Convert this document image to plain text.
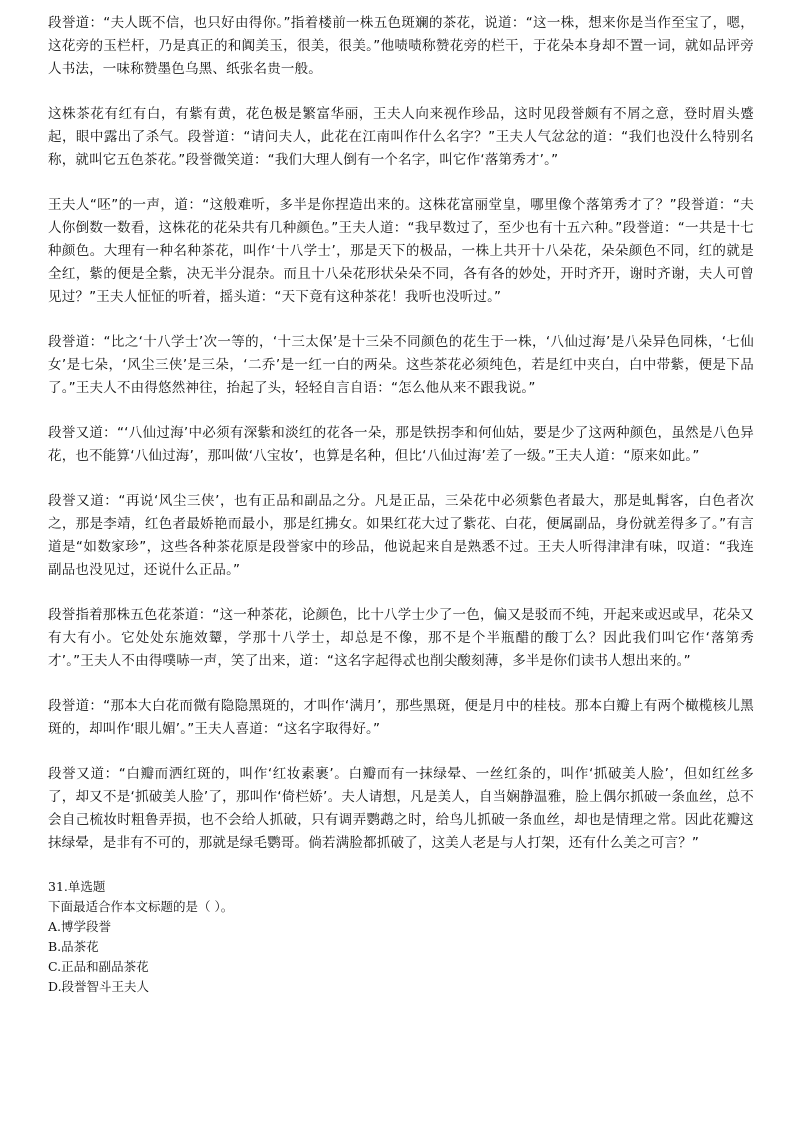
段誉道：“夫人既不信，也只好由得你。”指着楼前一株五色斑斓的茶花，说道：“这一株，想来你是当作至宝了，嗯，这花旁的玉栏杆，乃是真正的和阗美玉，很美，很美。”他啧啧称赞花旁的栏干，于花朵本身却不置一词，就如品评旁人书法，一味称赞墨色乌黑、纸张名贵一般。

这株茶花有红有白，有紫有黄，花色极是繁富华丽，王夫人向来视作珍品，这时见段誉颇有不屑之意，登时眉头蹙起，眼中露出了杀气。段誉道：“请问夫人，此花在江南叫作什么名字？”王夫人气忿忿的道：“我们也没什么特别名称，就叫它五色茶花。”段誉微笑道：“我们大理人倒有一个名字，叫它作‘落第秀才’。”

王夫人“呸”的一声，道：“这般难听，多半是你捏造出来的。这株花富丽堂皇，哪里像个落第秀才了？”段誉道：“夫人你倒数一数看，这株花的花朵共有几种颜色。”王夫人道：“我早数过了，至少也有十五六种。”段誉道：“一共是十七种颜色。大理有一种名种茶花，叫作‘十八学士’，那是天下的极品，一株上共开十八朵花，朵朵颜色不同，红的就是全红，紫的便是全紫，决无半分混杂。而且十八朵花形状朵朵不同，各有各的妙处，开时齐开，谢时齐谢，夫人可曾见过？”王夫人怔怔的听着，摇头道：“天下竟有这种茶花！我听也没听过。”

段誉道：“比之‘十八学士’次一等的，‘十三太保’是十三朵不同颜色的花生于一株，‘八仙过海’是八朵异色同株，‘七仙女’是七朵，‘风尘三侠’是三朵，‘二乔’是一红一白的两朵。这些茶花必须纯色，若是红中夹白，白中带紫，便是下品了。”王夫人不由得悠然神往，抬起了头，轻轻自言自语：“怎么他从来不跟我说。”

段誉又道：“‘八仙过海’中必须有深紫和淡红的花各一朵，那是铁拐李和何仙姑，要是少了这两种颜色，虽然是八色异花，也不能算‘八仙过海’，那叫做‘八宝妆’，也算是名种，但比‘八仙过海’差了一级。”王夫人道：“原来如此。”

段誉又道：“再说‘风尘三侠’，也有正品和副品之分。凡是正品，三朵花中必须紫色者最大，那是虬髯客，白色者次之，那是李靖，红色者最娇艳而最小，那是红拂女。如果红花大过了紫花、白花，便属副品，身份就差得多了。”有言道是“如数家珍”，这些各种茶花原是段誉家中的珍品，他说起来自是熟悉不过。王夫人听得津津有味，叹道：“我连副品也没见过，还说什么正品。”

段誉指着那株五色花茶道：“这一种茶花，论颜色，比十八学士少了一色，偏又是驳而不纯，开起来或迟或早，花朵又有大有小。它处处东施效颦，学那十八学士，却总是不像，那不是个半瓶醋的酸丁么？因此我们叫它作‘落第秀才’。”王夫人不由得噗哧一声，笑了出来，道：“这名字起得忒也削尖酸刻薄，多半是你们读书人想出来的。”

段誉道：“那本大白花而微有隐隐黑斑的，才叫作‘满月’，那些黑斑，便是月中的桂枝。那本白瓣上有两个橄榄核儿黑斑的，却叫作‘眼儿媚’。”王夫人喜道：“这名字取得好。”

段誉又道：“白瓣而洒红斑的，叫作‘红妆素裹’。白瓣而有一抹绿晕、一丝红条的，叫作‘抓破美人脸’，但如红丝多了，却又不是‘抓破美人脸’了，那叫作‘倚栏娇’。夫人请想，凡是美人，自当娴静温雅，脸上偶尔抓破一条血丝，总不会自己梳妆时粗鲁弄损，也不会给人抓破，只有调弄鹦鹉之时，给鸟儿抓破一条血丝，却也是情理之常。因此花瓣这抹绿晕，是非有不可的，那就是绿毛鹦哥。倘若满脸都抓破了，这美人老是与人打架，还有什么美之可言？”

31.单选题
下面最适合作本文标题的是（ ）。
A.博学段誉
B.品茶花
C.正品和副品茶花
D.段誉智斗王夫人
